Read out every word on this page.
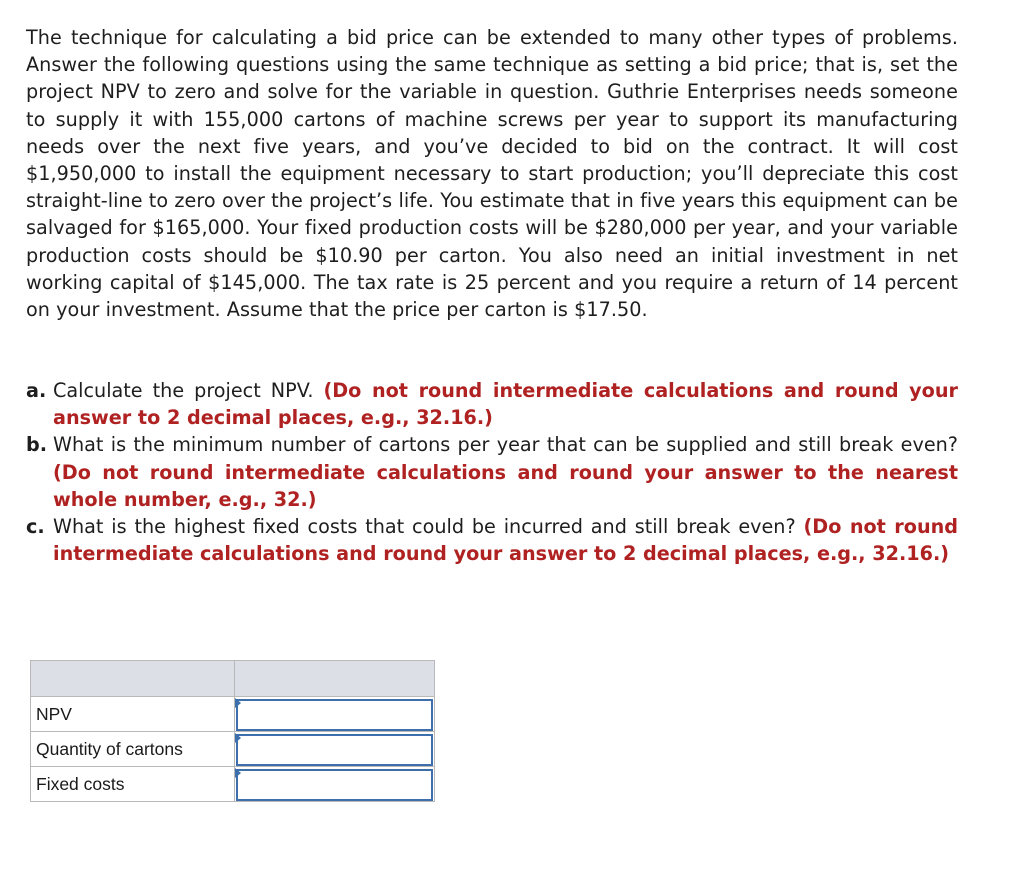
The technique for calculating a bid price can be extended to many other types of problems. Answer the following questions using the same technique as setting a bid price; that is, set the project NPV to zero and solve for the variable in question. Guthrie Enterprises needs someone to supply it with 155,000 cartons of machine screws per year to support its manufacturing needs over the next five years, and you’ve decided to bid on the contract. It will cost $1,950,000 to install the equipment necessary to start production; you’ll depreciate this cost straight-line to zero over the project’s life. You estimate that in five years this equipment can be salvaged for $165,000. Your fixed production costs will be $280,000 per year, and your variable production costs should be $10.90 per carton. You also need an initial investment in net working capital of $145,000. The tax rate is 25 percent and you require a return of 14 percent on your investment. Assume that the price per carton is $17.50.
a. Calculate the project NPV. (Do not round intermediate calculations and round your answer to 2 decimal places, e.g., 32.16.)
b. What is the minimum number of cartons per year that can be supplied and still break even? (Do not round intermediate calculations and round your answer to the nearest whole number, e.g., 32.)
c. What is the highest fixed costs that could be incurred and still break even? (Do not round intermediate calculations and round your answer to 2 decimal places, e.g., 32.16.)

NPV	

Quantity of cartons	

Fixed costs	
